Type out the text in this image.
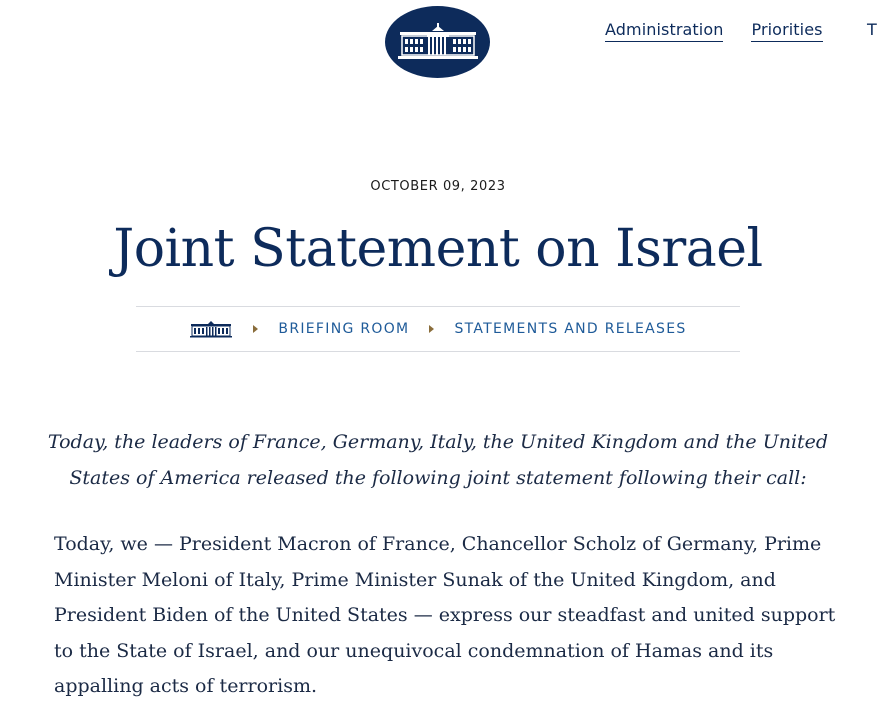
Administration Priorities	T
OCTOBER 09, 2023
Joint Statement on Israel
BRIEFING ROOM	STATEMENTS AND RELEASES

Today, the leaders of France, Germany, Italy, the United Kingdom and the United States of America released the following joint statement following their call:

Today, we — President Macron of France, Chancellor Scholz of Germany, Prime Minister Meloni of Italy, Prime Minister Sunak of the United Kingdom, and President Biden of the United States — express our steadfast and united support to the State of Israel, and our unequivocal condemnation of Hamas and its appalling acts of terrorism.
